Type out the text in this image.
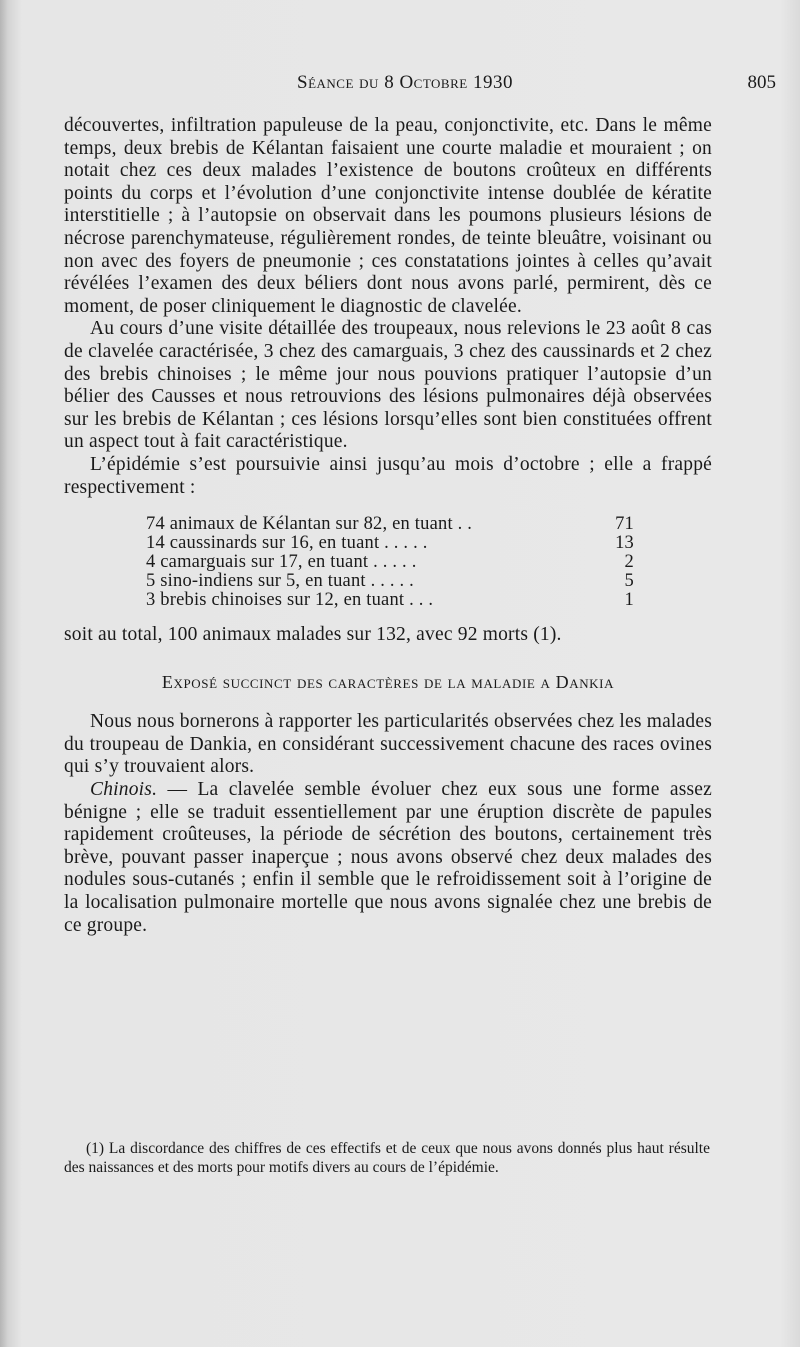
Séance du 8 Octobre 1930	805

découvertes, infiltration papuleuse de la peau, conjonctivite, etc. Dans le même temps, deux brebis de Kélantan faisaient une courte maladie et mouraient ; on notait chez ces deux malades l’existence de boutons croûteux en différents points du corps et l’évolution d’une conjonctivite intense doublée de kératite interstitielle ; à l’autopsie on observait dans les poumons plusieurs lésions de nécrose parenchymateuse, régulièrement rondes, de teinte bleuâtre, voisinant ou non avec des foyers de pneumonie ; ces constatations jointes à celles qu’avait révélées l’examen des deux béliers dont nous avons parlé, permirent, dès ce moment, de poser cliniquement le diagnostic de clavelée.

Au cours d’une visite détaillée des troupeaux, nous relevions le 23 août 8 cas de clavelée caractérisée, 3 chez des camarguais, 3 chez des caussinards et 2 chez des brebis chinoises ; le même jour nous pouvions pratiquer l’autopsie d’un bélier des Causses et nous retrouvions des lésions pulmonaires déjà observées sur les brebis de Kélantan ; ces lésions lorsqu’elles sont bien constituées offrent un aspect tout à fait caractéristique.

L’épidémie s’est poursuivie ainsi jusqu’au mois d’octobre ; elle a frappé respectivement :

74 animaux de Kélantan sur 82, en tuant . .	71
14 caussinards sur 16, en tuant . . . . .	13
4 camarguais sur 17, en tuant . . . . .	2
5 sino-indiens sur 5, en tuant . . . . .	5
3 brebis chinoises sur 12, en tuant . . .	1

soit au total, 100 animaux malades sur 132, avec 92 morts (1).

Exposé succinct des caractères de la maladie a Dankia

Nous nous bornerons à rapporter les particularités observées chez les malades du troupeau de Dankia, en considérant successivement chacune des races ovines qui s’y trouvaient alors.

Chinois. — La clavelée semble évoluer chez eux sous une forme assez bénigne ; elle se traduit essentiellement par une éruption discrète de papules rapidement croûteuses, la période de sécrétion des boutons, certainement très brève, pouvant passer inaperçue ; nous avons observé chez deux malades des nodules sous-cutanés ; enfin il semble que le refroidissement soit à l’origine de la localisation pulmonaire mortelle que nous avons signalée chez une brebis de ce groupe.

(1) La discordance des chiffres de ces effectifs et de ceux que nous avons donnés plus haut résulte des naissances et des morts pour motifs divers au cours de l’épidémie.
